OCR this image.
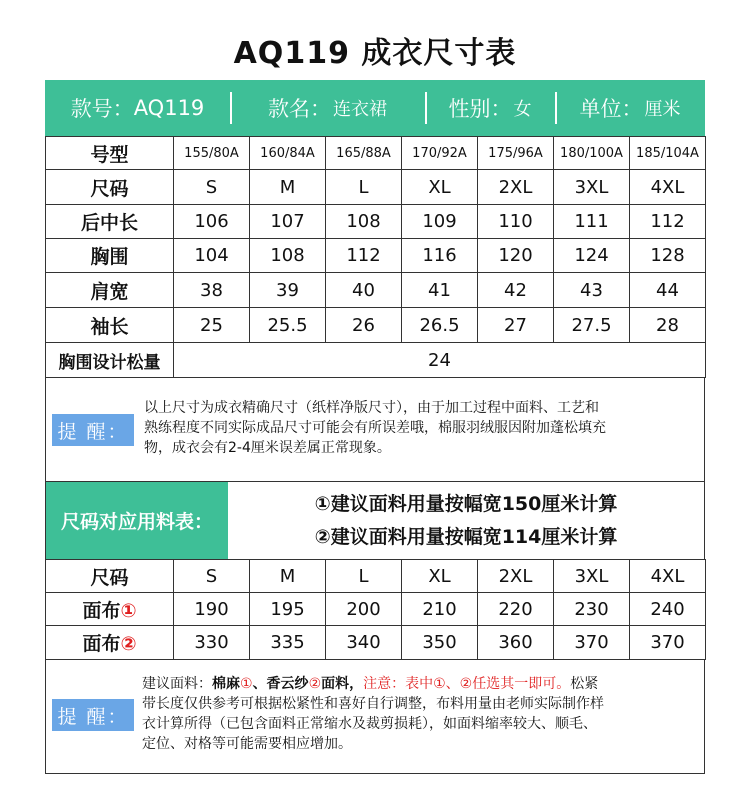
AQ119 成衣尺寸表
款号： AQ119	款名： 连衣裙	性别： 女 单位： 厘米
号型	155/80A	160/84A	165/88A	170/92A	175/96A	180/100A	185/104A
尺码	S	M	L	XL	2XL	3XL	4XL
后中长	106	107	108	109	110	111	112
胸围	104	108	112	116	120	124	128
肩宽	38	39	40	41	42	43	44
袖长	25	25.5	26	26.5	27	27.5	28
胸围设计松量	24						
提 醒：
以上尺寸为成衣精确尺寸（纸样净版尺寸），由于加工过程中面料、工艺和
熟练程度不同实际成品尺寸可能会有所误差哦，棉服羽绒服因附加蓬松填充
物，成衣会有2-4厘米误差属正常现象。
尺码对应用料表：
①建议面料用量按幅宽150厘米计算
②建议面料用量按幅宽114厘米计算
尺码	S	M	L	XL	2XL	3XL	4XL
面布①	190	195	200	210	220	230	240
面布②	330	335	340	350	360	370	370
提 醒：
建议面料：棉麻①、香云纱②面料，注意：表中①、②任选其一即可。松紧
带长度仅供参考可根据松紧性和喜好自行调整，布料用量由老师实际制作样
衣计算所得（已包含面料正常缩水及裁剪损耗），如面料缩率较大、顺毛、
定位、对格等可能需要相应增加。
